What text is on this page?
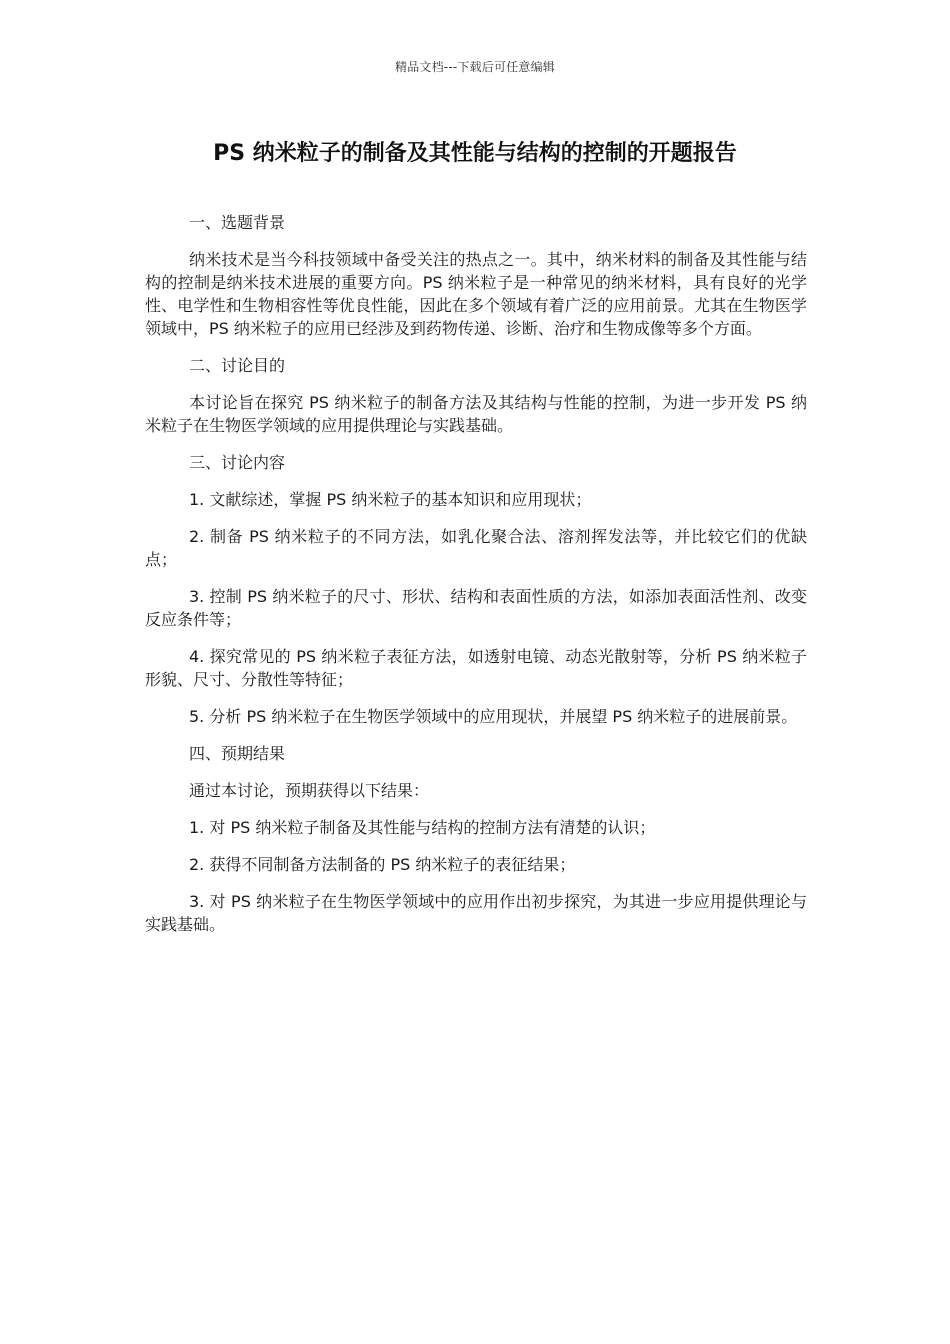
精品文档---下载后可任意编辑
PS 纳米粒子的制备及其性能与结构的控制的开题报告

一、选题背景

纳米技术是当今科技领域中备受关注的热点之一。其中，纳米材料的制备及其性能与结构的控制是纳米技术进展的重要方向。PS 纳米粒子是一种常见的纳米材料，具有良好的光学性、电学性和生物相容性等优良性能，因此在多个领域有着广泛的应用前景。尤其在生物医学领域中，PS 纳米粒子的应用已经涉及到药物传递、诊断、治疗和生物成像等多个方面。

二、讨论目的

本讨论旨在探究 PS 纳米粒子的制备方法及其结构与性能的控制，为进一步开发 PS 纳米粒子在生物医学领域的应用提供理论与实践基础。

三、讨论内容

1. 文献综述，掌握 PS 纳米粒子的基本知识和应用现状；

2. 制备 PS 纳米粒子的不同方法，如乳化聚合法、溶剂挥发法等，并比较它们的优缺点；

3. 控制 PS 纳米粒子的尺寸、形状、结构和表面性质的方法，如添加表面活性剂、改变反应条件等；

4. 探究常见的 PS 纳米粒子表征方法，如透射电镜、动态光散射等，分析 PS 纳米粒子形貌、尺寸、分散性等特征；

5. 分析 PS 纳米粒子在生物医学领域中的应用现状，并展望 PS 纳米粒子的进展前景。

四、预期结果

通过本讨论，预期获得以下结果：

1. 对 PS 纳米粒子制备及其性能与结构的控制方法有清楚的认识；

2. 获得不同制备方法制备的 PS 纳米粒子的表征结果；

3. 对 PS 纳米粒子在生物医学领域中的应用作出初步探究，为其进一步应用提供理论与实践基础。
